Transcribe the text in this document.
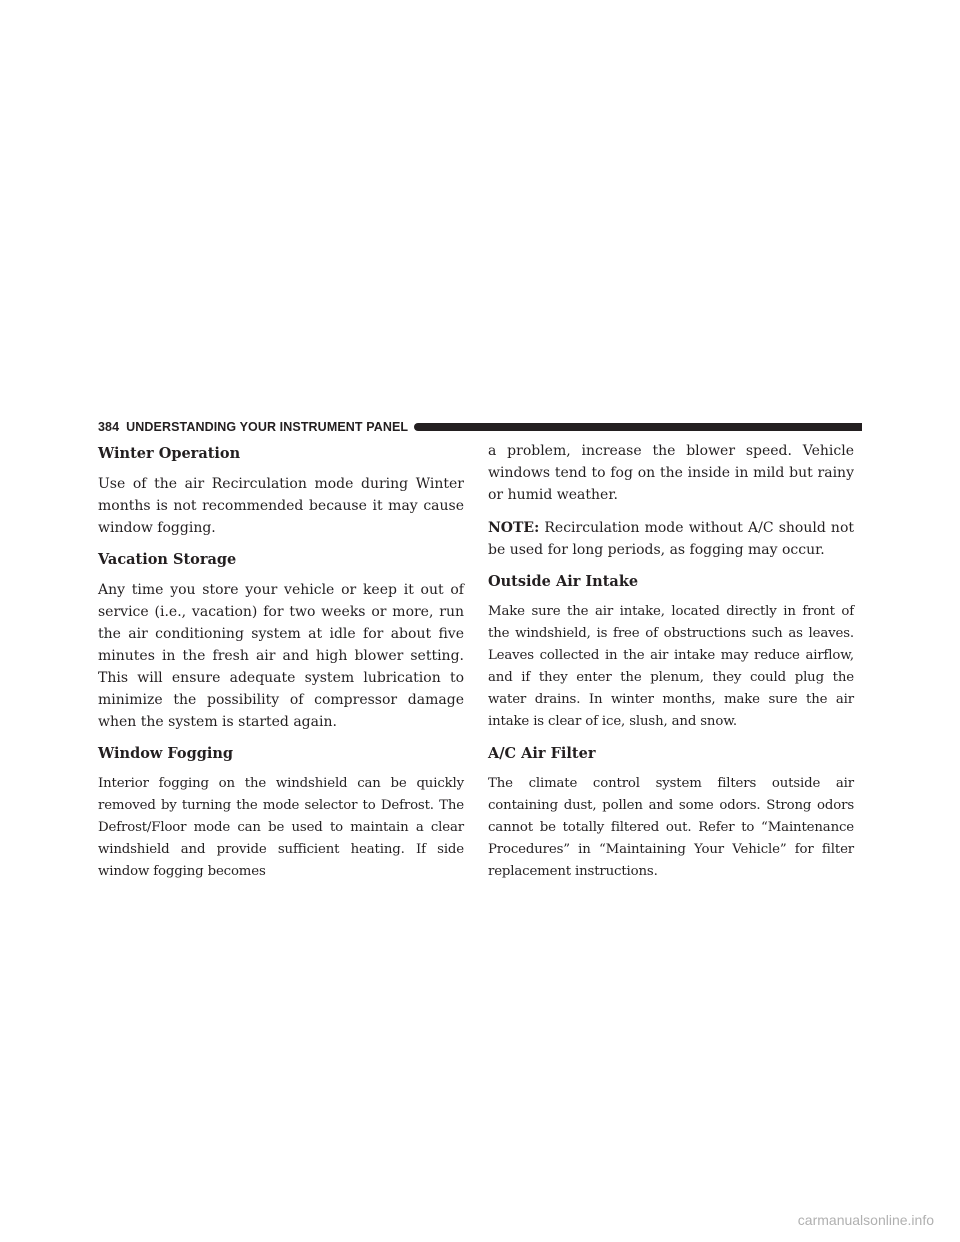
384 UNDERSTANDING YOUR INSTRUMENT PANEL
Winter Operation

Use of the air Recirculation mode during Winter months is not recommended because it may cause window fogging.

Vacation Storage

Any time you store your vehicle or keep it out of service (i.e., vacation) for two weeks or more, run the air conditioning system at idle for about five minutes in the fresh air and high blower setting. This will ensure adequate system lubrication to minimize the possibility of compressor damage when the system is started again.

Window Fogging

Interior fogging on the windshield can be quickly removed by turning the mode selector to Defrost. The Defrost/Floor mode can be used to maintain a clear windshield and provide sufficient heating. If side window fogging becomes

a problem, increase the blower speed. Vehicle windows tend to fog on the inside in mild but rainy or humid weather.

NOTE: Recirculation mode without A/C should not be used for long periods, as fogging may occur.

Outside Air Intake

Make sure the air intake, located directly in front of the windshield, is free of obstructions such as leaves. Leaves collected in the air intake may reduce airflow, and if they enter the plenum, they could plug the water drains. In winter months, make sure the air intake is clear of ice, slush, and snow.

A/C Air Filter

The climate control system filters outside air containing dust, pollen and some odors. Strong odors cannot be totally filtered out. Refer to “Maintenance Procedures” in “Maintaining Your Vehicle” for filter replacement instructions.

carmanualsonline.info
